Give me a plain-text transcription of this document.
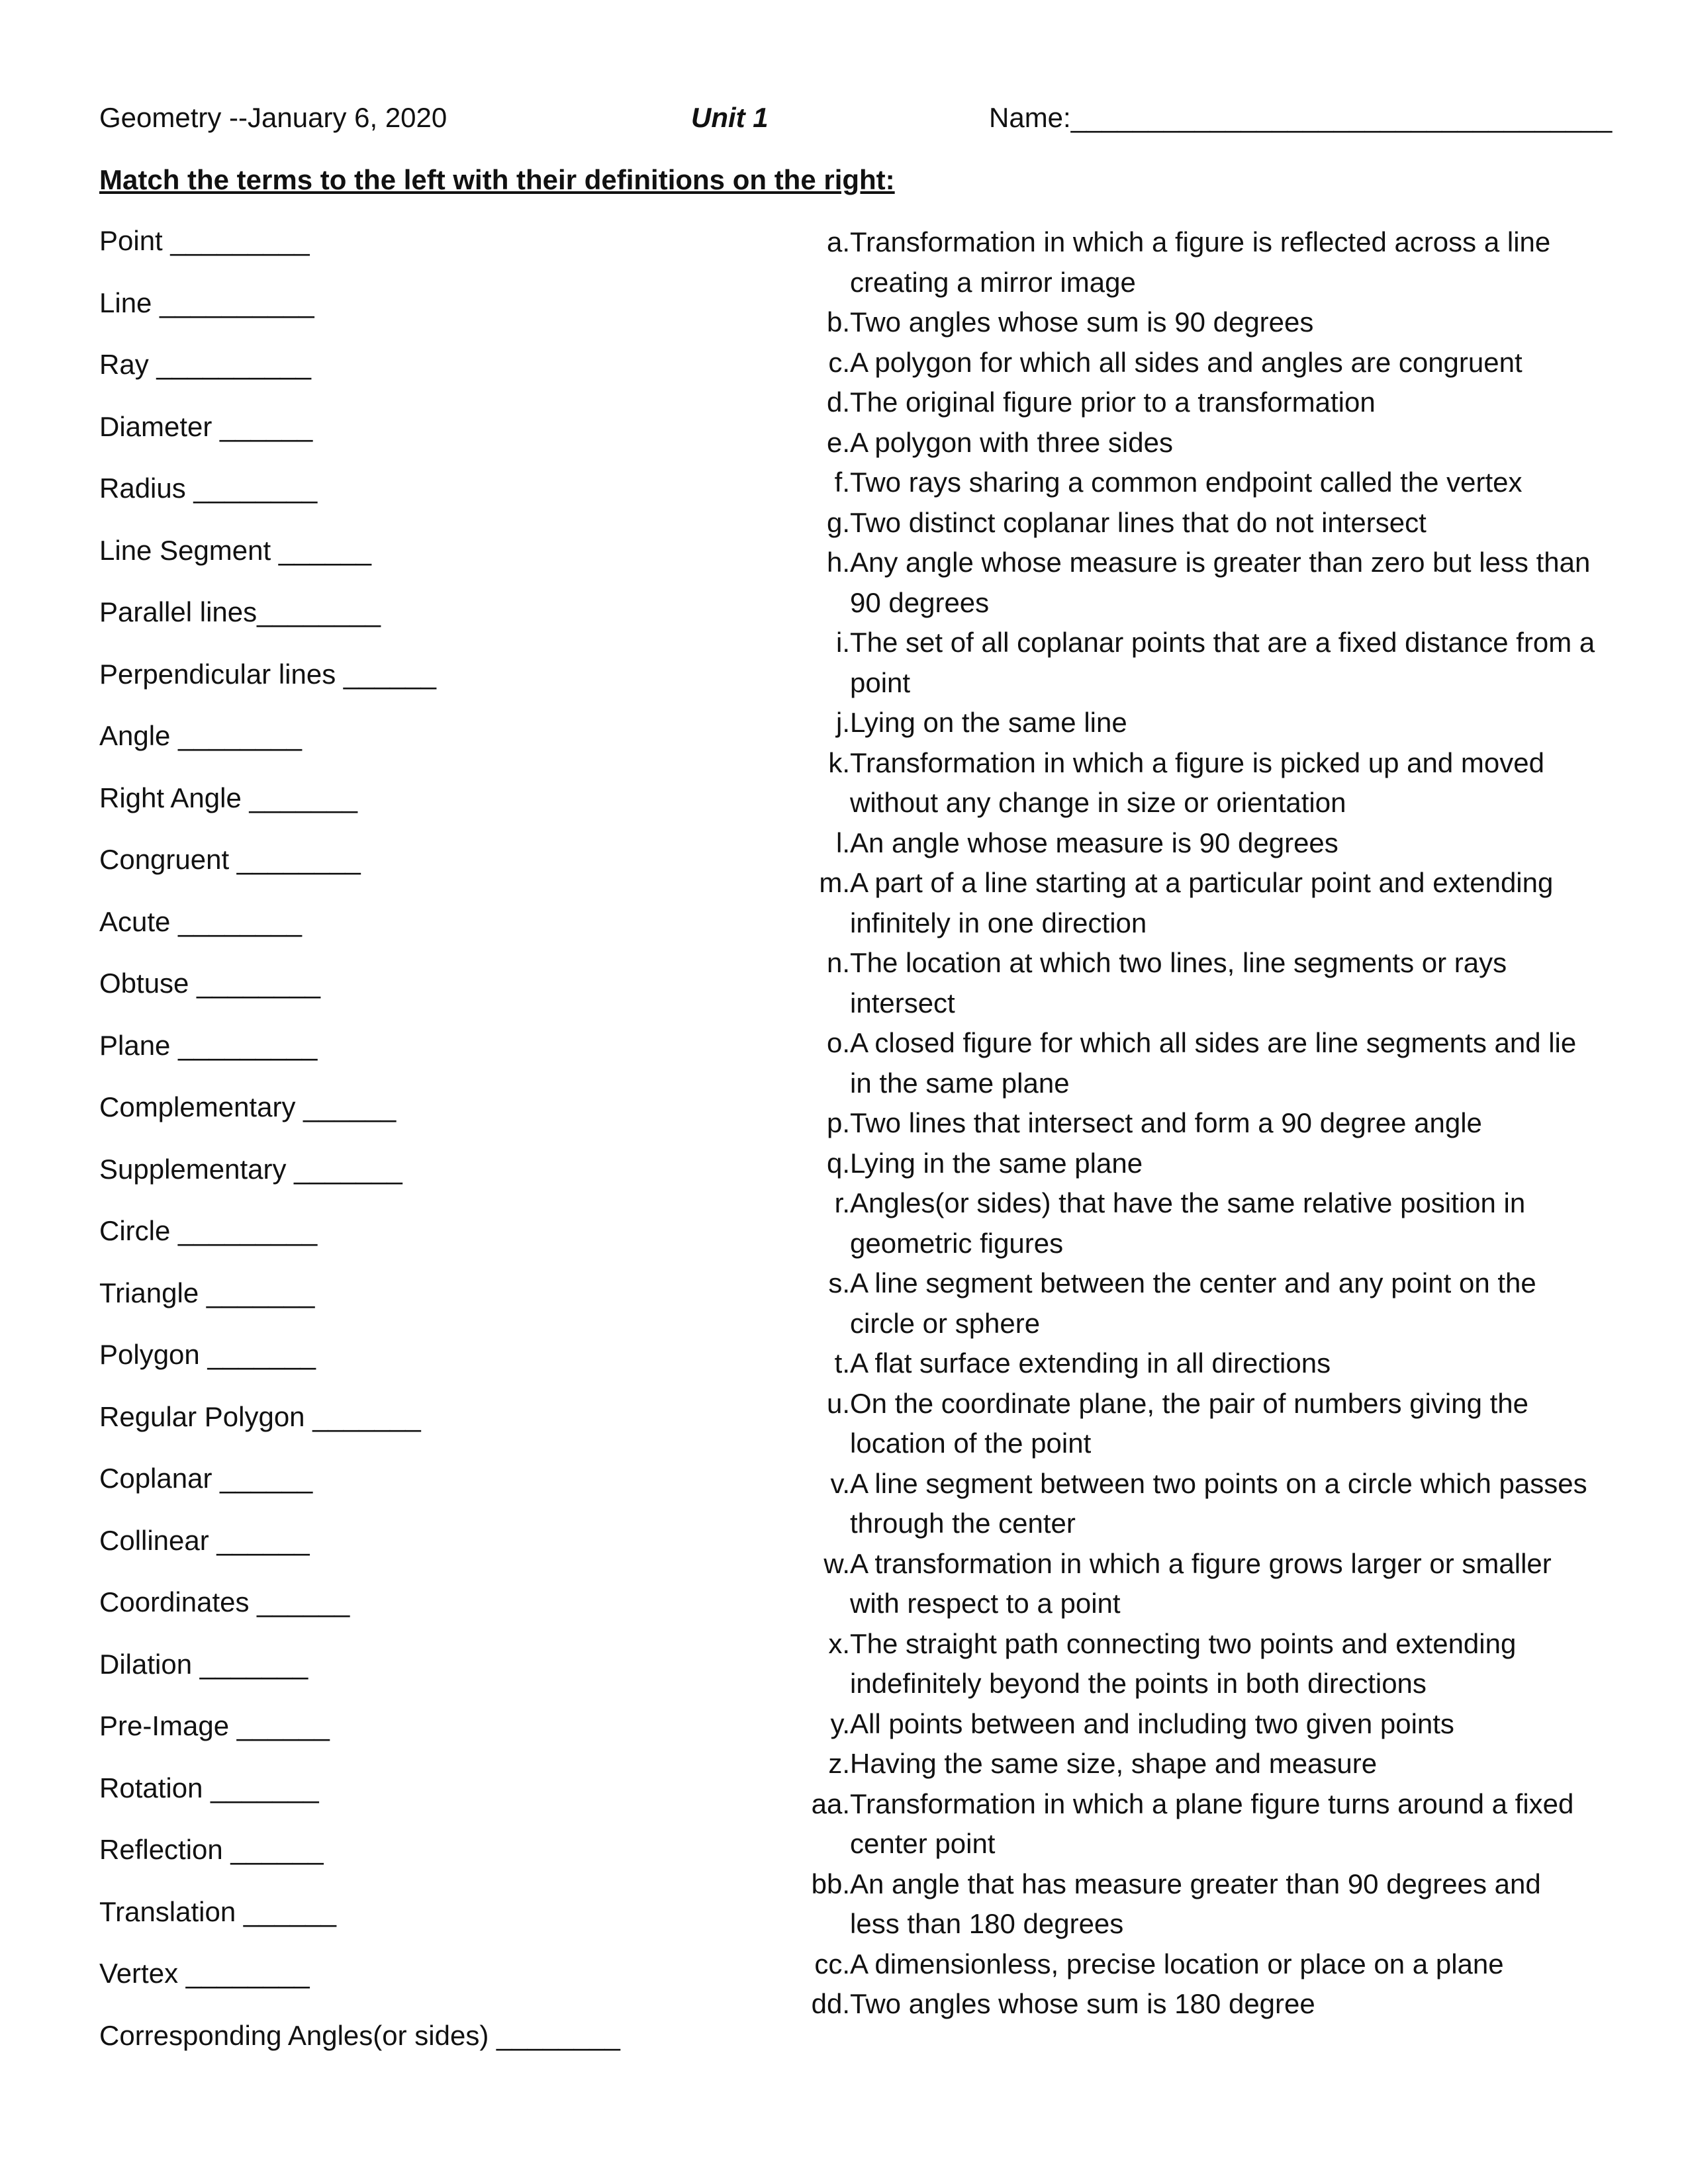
Geometry --January 6, 2020	Unit 1	Name:___________________________________
Match the terms to the left with their definitions on the right:
Point _________
Line __________
Ray __________
Diameter ______
Radius ________
Line Segment ______
Parallel lines________
Perpendicular lines ______
Angle ________
Right Angle _______
Congruent ________
Acute ________
Obtuse ________
Plane _________
Complementary ______
Supplementary _______
Circle _________
Triangle _______
Polygon _______
Regular Polygon _______
Coplanar ______
Collinear ______
Coordinates ______
Dilation _______
Pre-Image ______
Rotation _______
Reflection ______
Translation ______
Vertex ________
Corresponding Angles(or sides) ________
a. Transformation in which a figure is reflected across a line creating a mirror image
b. Two angles whose sum is 90 degrees
c. A polygon for which all sides and angles are congruent
d. The original figure prior to a transformation
e. A polygon with three sides
f. Two rays sharing a common endpoint called the vertex
g. Two distinct coplanar lines that do not intersect
h. Any angle whose measure is greater than zero but less than 90 degrees
i. The set of all coplanar points that are a fixed distance from a point
j. Lying on the same line
k. Transformation in which a figure is picked up and moved without any change in size or orientation
l. An angle whose measure is 90 degrees
m. A part of a line starting at a particular point and extending infinitely in one direction
n. The location at which two lines, line segments or rays intersect
o. A closed figure for which all sides are line segments and lie in the same plane
p. Two lines that intersect and form a 90 degree angle
q. Lying in the same plane
r. Angles(or sides) that have the same relative position in geometric figures
s. A line segment between the center and any point on the circle or sphere
t. A flat surface extending in all directions
u. On the coordinate plane, the pair of numbers giving the location of the point
v. A line segment between two points on a circle which passes through the center
w. A transformation in which a figure grows larger or smaller with respect to a point
x. The straight path connecting two points and extending indefinitely beyond the points in both directions
y. All points between and including two given points
z. Having the same size, shape and measure
aa. Transformation in which a plane figure turns around a fixed center point
bb. An angle that has measure greater than 90 degrees and less than 180 degrees
cc. A dimensionless, precise location or place on a plane
dd. Two angles whose sum is 180 degree
